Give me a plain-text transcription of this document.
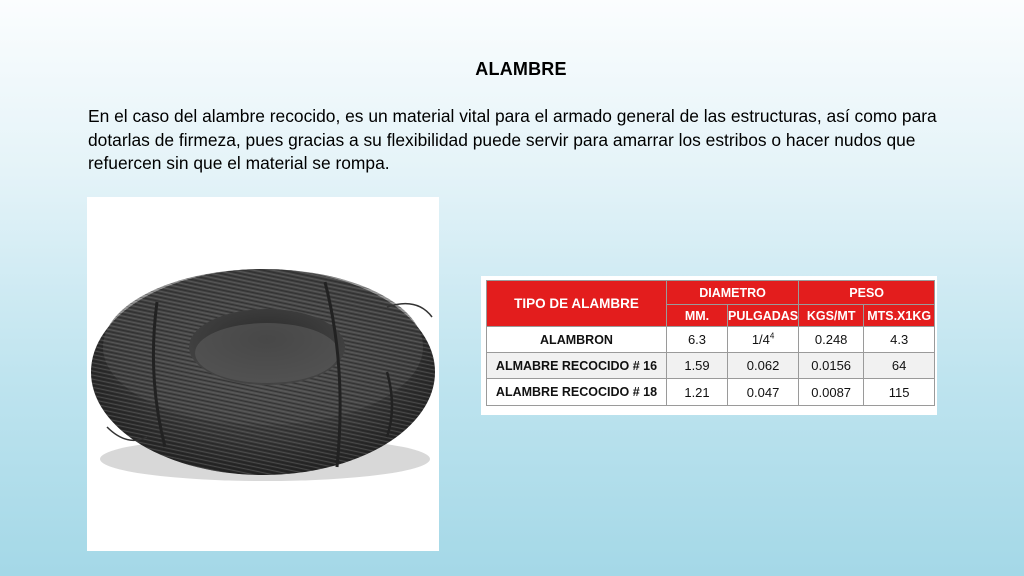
ALAMBRE
En el caso del alambre recocido, es un material vital para el armado general de las estructuras, así como para dotarlas de firmeza, pues gracias a su flexibilidad puede servir para amarrar los estribos o hacer nudos que refuercen sin que el material se rompa.
TIPO DE ALAMBRE	DIAMETRO		PESO	
	MM.	PULGADAS	KGS/MT	MTS.X1KG
ALAMBRON	6.3	$1/4^4$	0.248	4.3
ALMABRE RECOCIDO # 16	1.59	0.062	0.0156	64
ALAMBRE RECOCIDO # 18	1.21	0.047	0.0087	115
